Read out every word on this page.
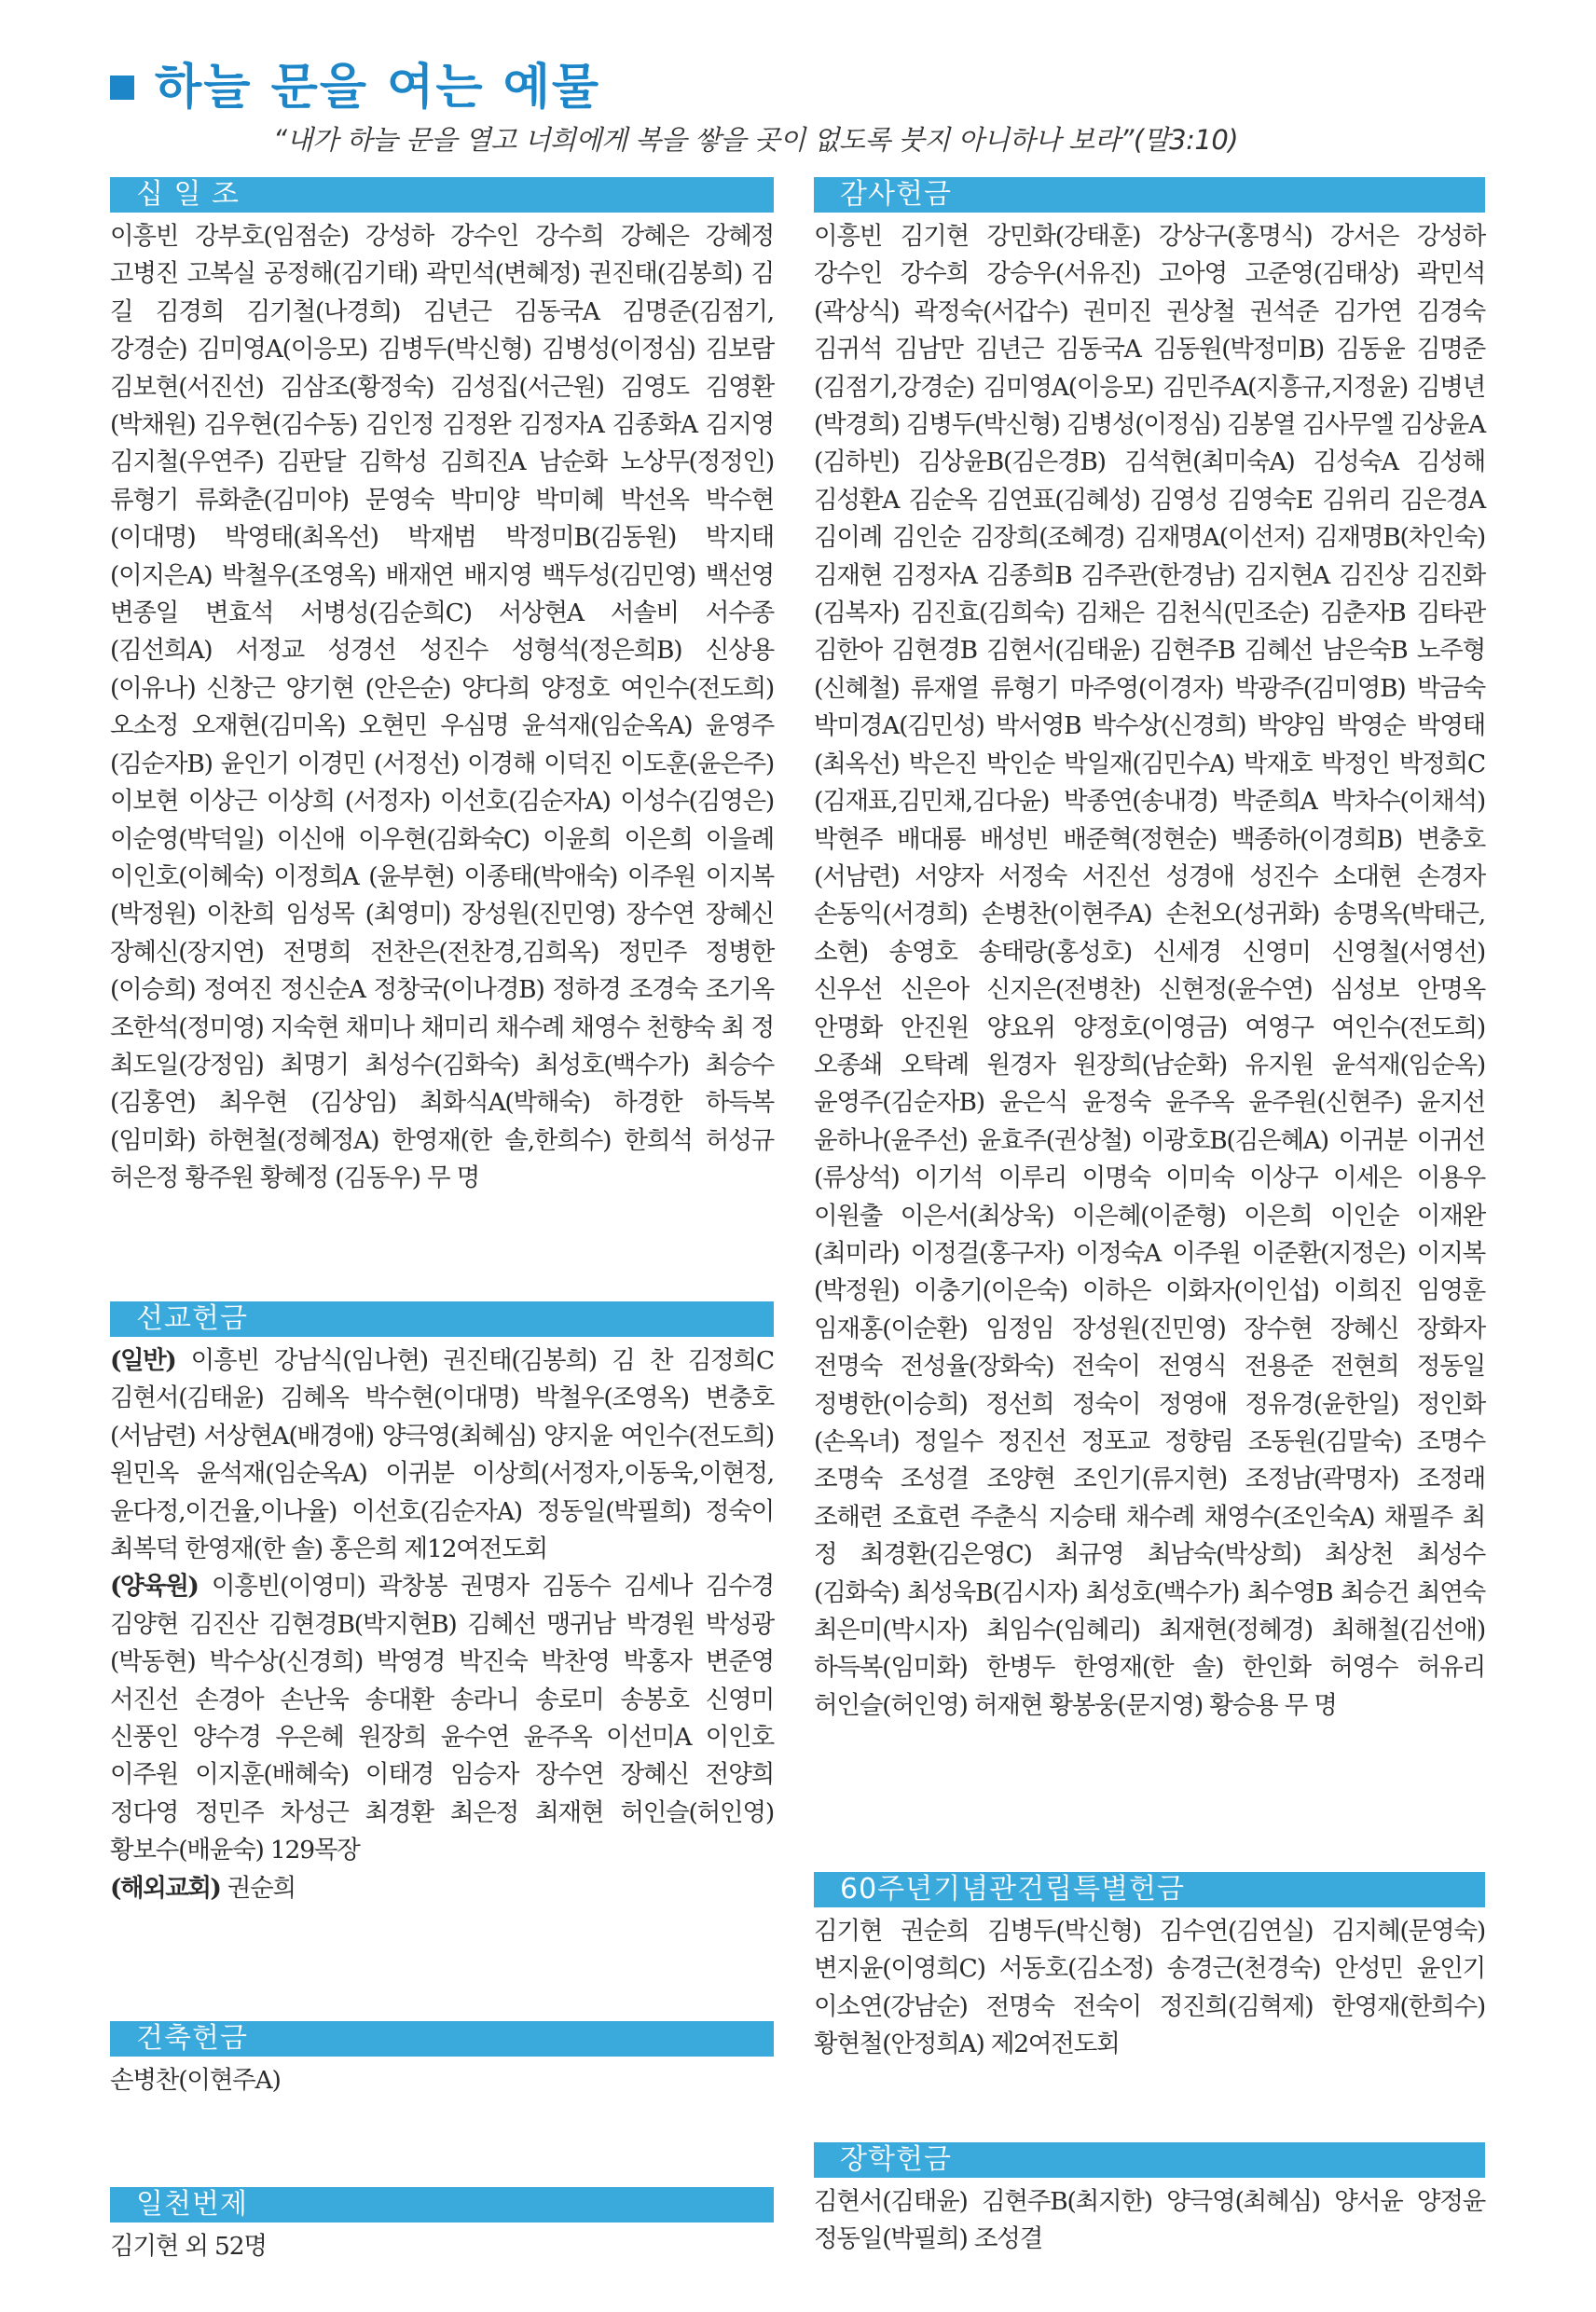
하늘 문을 여는 예물
“내가 하늘 문을 열고 너희에게 복을 쌓을 곳이 없도록 붓지 아니하나 보라”(말3:10)
십 일 조
이흥빈 강부호(임점순) 강성하 강수인 강수희 강혜은 강혜정 고병진 고복실 공정해(김기태) 곽민석(변혜정) 권진태(김봉희) 김 길 김경희 김기철(나경희) 김년근 김동국A 김명준(김점기, 강경순) 김미영A(이응모) 김병두(박신형) 김병성(이정심) 김보람 김보현(서진선) 김삼조(황정숙) 김성집(서근원) 김영도 김영환 (박채원) 김우현(김수동) 김인정 김정완 김정자A 김종화A 김지영 김지철(우연주) 김판달 김학성 김희진A 남순화 노상무(정정인) 류형기 류화춘(김미야) 문영숙 박미양 박미혜 박선옥 박수현 (이대명) 박영태(최옥선) 박재범 박정미B(김동원) 박지태(이지은A) 박철우(조영옥) 배재연 배지영 백두성(김민영) 백선영 변종일 변효석 서병성(김순희C) 서상현A 서솔비 서수종(김선희A) 서정교 성경선 성진수 성형석(정은희B) 신상용(이유나) 신창근 양기현 (안은순) 양다희 양정호 여인수(전도희) 오소정 오재현(김미옥) 오현민 우심명 윤석재(임순옥A) 윤영주(김순자B) 윤인기 이경민 (서정선) 이경해 이덕진 이도훈(윤은주) 이보현 이상근 이상희 (서정자) 이선호(김순자A) 이성수(김영은) 이순영(박덕일) 이신애 이우현(김화숙C) 이윤희 이은희 이을례 이인호(이혜숙) 이정희A (윤부현) 이종태(박애숙) 이주원 이지복(박정원) 이찬희 임성목 (최영미) 장성원(진민영) 장수연 장혜신 장혜신(장지연) 전명희 전찬은(전찬경,김희옥) 정민주 정병한(이승희) 정여진 정신순A 정창국(이나경B) 정하경 조경숙 조기옥 조한석(정미영) 지숙현 채미나 채미리 채수례 채영수 천향숙 최 정 최도일(강정임) 최명기 최성수(김화숙) 최성호(백수가) 최승수(김홍연) 최우현 (김상임) 최화식A(박해숙) 하경한 하득복(임미화) 하현철(정혜정A) 한영재(한 솔,한희수) 한희석 허성규 허은정 황주원 황혜정 (김동우) 무 명
선교헌금
(일반) 이흥빈 강남식(임나현) 권진태(김봉희) 김 찬 김정희C 김현서(김태윤) 김혜옥 박수현(이대명) 박철우(조영옥) 변충호 (서남련) 서상현A(배경애) 양극영(최혜심) 양지윤 여인수(전도희) 원민옥 윤석재(임순옥A) 이귀분 이상희(서정자,이동욱,이현정, 윤다정,이건율,이나율) 이선호(김순자A) 정동일(박필희) 정숙이 최복덕 한영재(한 솔) 홍은희 제12여전도회
(양육원) 이흥빈(이영미) 곽창봉 권명자 김동수 김세나 김수경 김양현 김진산 김현경B(박지현B) 김혜선 맹귀남 박경원 박성광 (박동현) 박수상(신경희) 박영경 박진숙 박찬영 박홍자 변준영 서진선 손경아 손난욱 송대환 송라니 송로미 송봉호 신영미 신풍인 양수경 우은혜 원장희 윤수연 윤주옥 이선미A 이인호 이주원 이지훈(배혜숙) 이태경 임승자 장수연 장혜신 전양희 정다영 정민주 차성근 최경환 최은정 최재현 허인슬(허인영) 황보수(배윤숙) 129목장
(해외교회) 권순희
건축헌금
손병찬(이현주A)
일천번제
김기현 외 52명
감사헌금
이흥빈 김기현 강민화(강태훈) 강상구(홍명식) 강서은 강성하 강수인 강수희 강승우(서유진) 고아영 고준영(김태상) 곽민석 (곽상식) 곽정숙(서갑수) 권미진 권상철 권석준 김가연 김경숙 김귀석 김남만 김년근 김동국A 김동원(박정미B) 김동윤 김명준 (김점기,강경순) 김미영A(이응모) 김민주A(지흥규,지정윤) 김병년 (박경희) 김병두(박신형) 김병성(이정심) 김봉열 김사무엘 김상윤A (김하빈) 김상윤B(김은경B) 김석현(최미숙A) 김성숙A 김성해 김성환A 김순옥 김연표(김혜성) 김영성 김영숙E 김위리 김은경A 김이례 김인순 김장희(조혜경) 김재명A(이선저) 김재명B(차인숙) 김재현 김정자A 김종희B 김주관(한경남) 김지현A 김진상 김진화 (김복자) 김진효(김희숙) 김채은 김천식(민조순) 김춘자B 김타관 김한아 김현경B 김현서(김태윤) 김현주B 김혜선 남은숙B 노주형 (신혜철) 류재열 류형기 마주영(이경자) 박광주(김미영B) 박금숙 박미경A(김민성) 박서영B 박수상(신경희) 박양임 박영순 박영태 (최옥선) 박은진 박인순 박일재(김민수A) 박재호 박정인 박정희C (김재표,김민채,김다윤) 박종연(송내경) 박준희A 박차수(이채석) 박현주 배대룡 배성빈 배준혁(정현순) 백종하(이경희B) 변충호 (서남련) 서양자 서정숙 서진선 성경애 성진수 소대현 손경자 손동익(서경희) 손병찬(이현주A) 손천오(성귀화) 송명옥(박태근, 소현) 송영호 송태랑(홍성호) 신세경 신영미 신영철(서영선) 신우선 신은아 신지은(전병찬) 신현정(윤수연) 심성보 안명옥 안명화 안진원 양요위 양정호(이영금) 여영구 여인수(전도희) 오종쇄 오탁례 원경자 원장희(남순화) 유지원 윤석재(임순옥) 윤영주(김순자B) 윤은식 윤정숙 윤주옥 윤주원(신현주) 윤지선 윤하나(윤주선) 윤효주(권상철) 이광호B(김은혜A) 이귀분 이귀선 (류상석) 이기석 이루리 이명숙 이미숙 이상구 이세은 이용우 이원출 이은서(최상욱) 이은혜(이준형) 이은희 이인순 이재완 (최미라) 이정걸(홍구자) 이정숙A 이주원 이준환(지정은) 이지복 (박정원) 이충기(이은숙) 이하은 이화자(이인섭) 이희진 임영훈 임재홍(이순환) 임정임 장성원(진민영) 장수현 장혜신 장화자 전명숙 전성율(장화숙) 전숙이 전영식 전용준 전현희 정동일 정병한(이승희) 정선희 정숙이 정영애 정유경(윤한일) 정인화 (손옥녀) 정일수 정진선 정포교 정향림 조동원(김말숙) 조명수 조명숙 조성결 조양현 조인기(류지현) 조정남(곽명자) 조정래 조해련 조효련 주춘식 지승태 채수례 채영수(조인숙A) 채필주 최 정 최경환(김은영C) 최규영 최남숙(박상희) 최상천 최성수 (김화숙) 최성욱B(김시자) 최성호(백수가) 최수영B 최승건 최연숙 최은미(박시자) 최임수(임혜리) 최재현(정혜경) 최해철(김선애) 하득복(임미화) 한병두 한영재(한 솔) 한인화 허영수 허유리 허인슬(허인영) 허재현 황봉웅(문지영) 황승용 무 명
60주년기념관건립특별헌금
김기현 권순희 김병두(박신형) 김수연(김연실) 김지혜(문영숙) 변지윤(이영희C) 서동호(김소정) 송경근(천경숙) 안성민 윤인기 이소연(강남순) 전명숙 전숙이 정진희(김혁제) 한영재(한희수) 황현철(안정희A) 제2여전도회
장학헌금
김현서(김태윤) 김현주B(최지한) 양극영(최혜심) 양서윤 양정윤 정동일(박필희) 조성결
